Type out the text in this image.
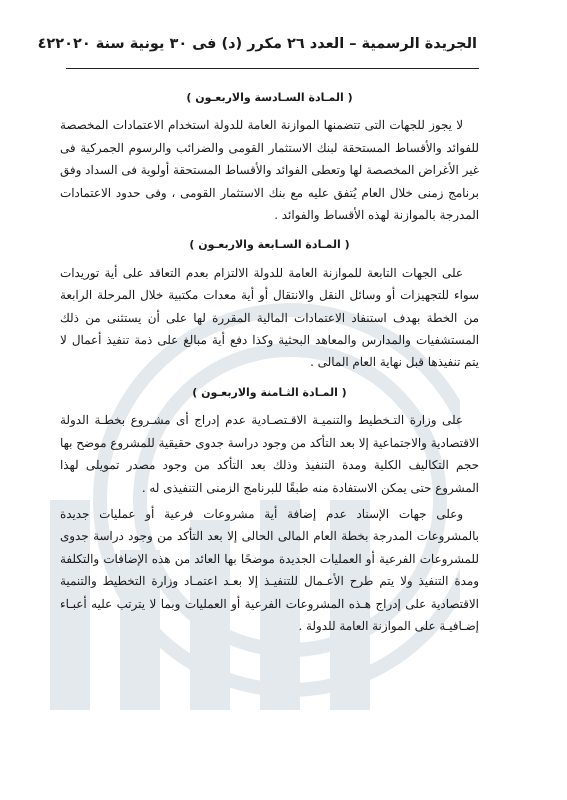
الجريدة الرسمية – العدد ٢٦ مكرر (د) فى ٣٠ يونية سنة ٢٠٢٠
٤٢
( المـادة السـادسة والاربعـون )

لا يجوز للجهات التى تتضمنها الموازنة العامة للدولة استخدام الاعتمادات المخصصة للفوائد والأقساط المستحقة لبنك الاستثمار القومى والضرائب والرسوم الجمركية فى غير الأغراض المخصصة لها وتعطى الفوائد والأقساط المستحقة أولوية فى السداد وفق برنامج زمنى خلال العام يُتفق عليه مع بنك الاستثمار القومى ، وفى حدود الاعتمادات المدرجة بالموازنة لهذه الأقساط والفوائد .

( المـادة السـابعة والاربعـون )

على الجهات التابعة للموازنة العامة للدولة الالتزام بعدم التعاقد على أية توريدات سواء للتجهيزات أو وسائل النقل والانتقال أو أية معدات مكتبية خلال المرحلة الرابعة من الخطة بهدف استنفاد الاعتمادات المالية المقررة لها على أن يستثنى من ذلك المستشفيات والمدارس والمعاهد البحثية وكذا دفع أية مبالغ على ذمة تنفيذ أعمال لا يتم تنفيذها قبل نهاية العام المالى .

( المـادة الثـامنة والاربعـون )

على وزارة التـخطيط والتنميـة الاقـتصـادية عدم إدراج أى مشـروع بخطـة الدولة الاقتصادية والاجتماعية إلا بعد التأكد من وجود دراسة جدوى حقيقية للمشروع موضح بها حجم التكاليف الكلية ومدة التنفيذ وذلك بعد التأكد من وجود مصدر تمويلى لهذا المشروع حتى يمكن الاستفادة منه طبقًا للبرنامج الزمنى التنفيذى له .

وعلى جهات الإسناد عدم إضافة أية مشروعات فرعية أو عمليات جديدة بالمشروعات المدرجة بخطة العام المالى الحالى إلا بعد التأكد من وجود دراسة جدوى للمشروعات الفرعية أو العمليات الجديدة موضحًا بها العائد من هذه الإضافات والتكلفة ومدة التنفيذ ولا يتم طرح الأعـمال للتنفيـذ إلا بعـد اعتمـاد وزارة التخطيط والتنمية الاقتصادية على إدراج هـذه المشروعات الفرعية أو العمليات وبما لا يترتب عليه أعبـاء إضـافيـة على الموازنة العامة للدولة .
